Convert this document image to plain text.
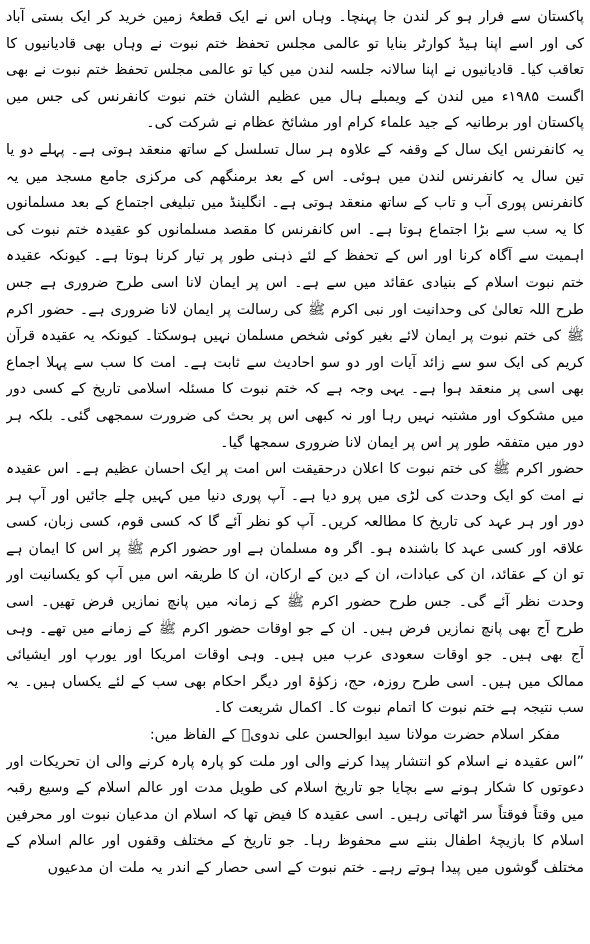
پاکستان سے فرار ہو کر لندن جا پہنچا۔ وہاں اس نے ایک قطعۂ زمین خرید کر ایک بستی آباد کی اور اسے اپنا ہیڈ کوارٹر بنایا تو عالمی مجلس تحفظ ختم نبوت نے وہاں بھی قادیانیوں کا تعاقب کیا۔ قادیانیوں نے اپنا سالانہ جلسہ لندن میں کیا تو عالمی مجلس تحفظ ختم نبوت نے بھی اگست ۱۹۸۵ء میں لندن کے ویمبلے ہال میں عظیم الشان ختم نبوت کانفرنس کی جس میں پاکستان اور برطانیہ کے جید علماء کرام اور مشائخ عظام نے شرکت کی۔

یہ کانفرنس ایک سال کے وقفہ کے علاوہ ہر سال تسلسل کے ساتھ منعقد ہوتی ہے۔ پہلے دو یا تین سال یہ کانفرنس لندن میں ہوئی۔ اس کے بعد برمنگھم کی مرکزی جامع مسجد میں یہ کانفرنس پوری آب و تاب کے ساتھ منعقد ہوتی ہے۔ انگلینڈ میں تبلیغی اجتماع کے بعد مسلمانوں کا یہ سب سے بڑا اجتماع ہوتا ہے۔ اس کانفرنس کا مقصد مسلمانوں کو عقیدہ ختم نبوت کی اہمیت سے آگاہ کرنا اور اس کے تحفظ کے لئے ذہنی طور پر تیار کرنا ہوتا ہے۔ کیونکہ عقیدہ ختم نبوت اسلام کے بنیادی عقائد میں سے ہے۔ اس پر ایمان لانا اسی طرح ضروری ہے جس طرح اللہ تعالیٰ کی وحدانیت اور نبی اکرم ﷺ کی رسالت پر ایمان لانا ضروری ہے۔ حضور اکرم ﷺ کی ختم نبوت پر ایمان لائے بغیر کوئی شخص مسلمان نہیں ہوسکتا۔ کیونکہ یہ عقیدہ قرآن کریم کی ایک سو سے زائد آیات اور دو سو احادیث سے ثابت ہے۔ امت کا سب سے پہلا اجماع بھی اسی پر منعقد ہوا ہے۔ یہی وجہ ہے کہ ختم نبوت کا مسئلہ اسلامی تاریخ کے کسی دور میں مشکوک اور مشتبہ نہیں رہا اور نہ کبھی اس پر بحث کی ضرورت سمجھی گئی۔ بلکہ ہر دور میں متفقہ طور پر اس پر ایمان لانا ضروری سمجھا گیا۔

حضور اکرم ﷺ کی ختم نبوت کا اعلان درحقیقت اس امت پر ایک احسان عظیم ہے۔ اس عقیدہ نے امت کو ایک وحدت کی لڑی میں پرو دیا ہے۔ آپ پوری دنیا میں کہیں چلے جائیں اور آپ ہر دور اور ہر عہد کی تاریخ کا مطالعہ کریں۔ آپ کو نظر آئے گا کہ کسی قوم، کسی زبان، کسی علاقہ اور کسی عہد کا باشندہ ہو۔ اگر وہ مسلمان ہے اور حضور اکرم ﷺ پر اس کا ایمان ہے تو ان کے عقائد، ان کی عبادات، ان کے دین کے ارکان، ان کا طریقہ اس میں آپ کو یکسانیت اور وحدت نظر آئے گی۔ جس طرح حضور اکرم ﷺ کے زمانہ میں پانچ نمازیں فرض تھیں۔ اسی طرح آج بھی پانچ نمازیں فرض ہیں۔ ان کے جو اوقات حضور اکرم ﷺ کے زمانے میں تھے۔ وہی آج بھی ہیں۔ جو اوقات سعودی عرب میں ہیں۔ وہی اوقات امریکا اور یورپ اور ایشیائی ممالک میں ہیں۔ اسی طرح روزہ، حج، زکوٰۃ اور دیگر احکام بھی سب کے لئے یکساں ہیں۔ یہ سب نتیجہ ہے ختم نبوت کا اتمام نبوت کا۔ اکمال شریعت کا۔

مفکر اسلام حضرت مولانا سید ابوالحسن علی ندویؒ کے الفاظ میں:

”اس عقیدہ نے اسلام کو انتشار پیدا کرنے والی اور ملت کو پارہ پارہ کرنے والی ان تحریکات اور دعوتوں کا شکار ہونے سے بچایا جو تاریخ اسلام کی طویل مدت اور عالم اسلام کے وسیع رقبہ میں وقتاً فوقتاً سر اٹھاتی رہیں۔ اسی عقیدہ کا فیض تھا کہ اسلام ان مدعیان نبوت اور محرفین اسلام کا بازیچۂ اطفال بننے سے محفوظ رہا۔ جو تاریخ کے مختلف وقفوں اور عالم اسلام کے مختلف گوشوں میں پیدا ہوتے رہے۔ ختم نبوت کے اسی حصار کے اندر یہ ملت ان مدعیوں
